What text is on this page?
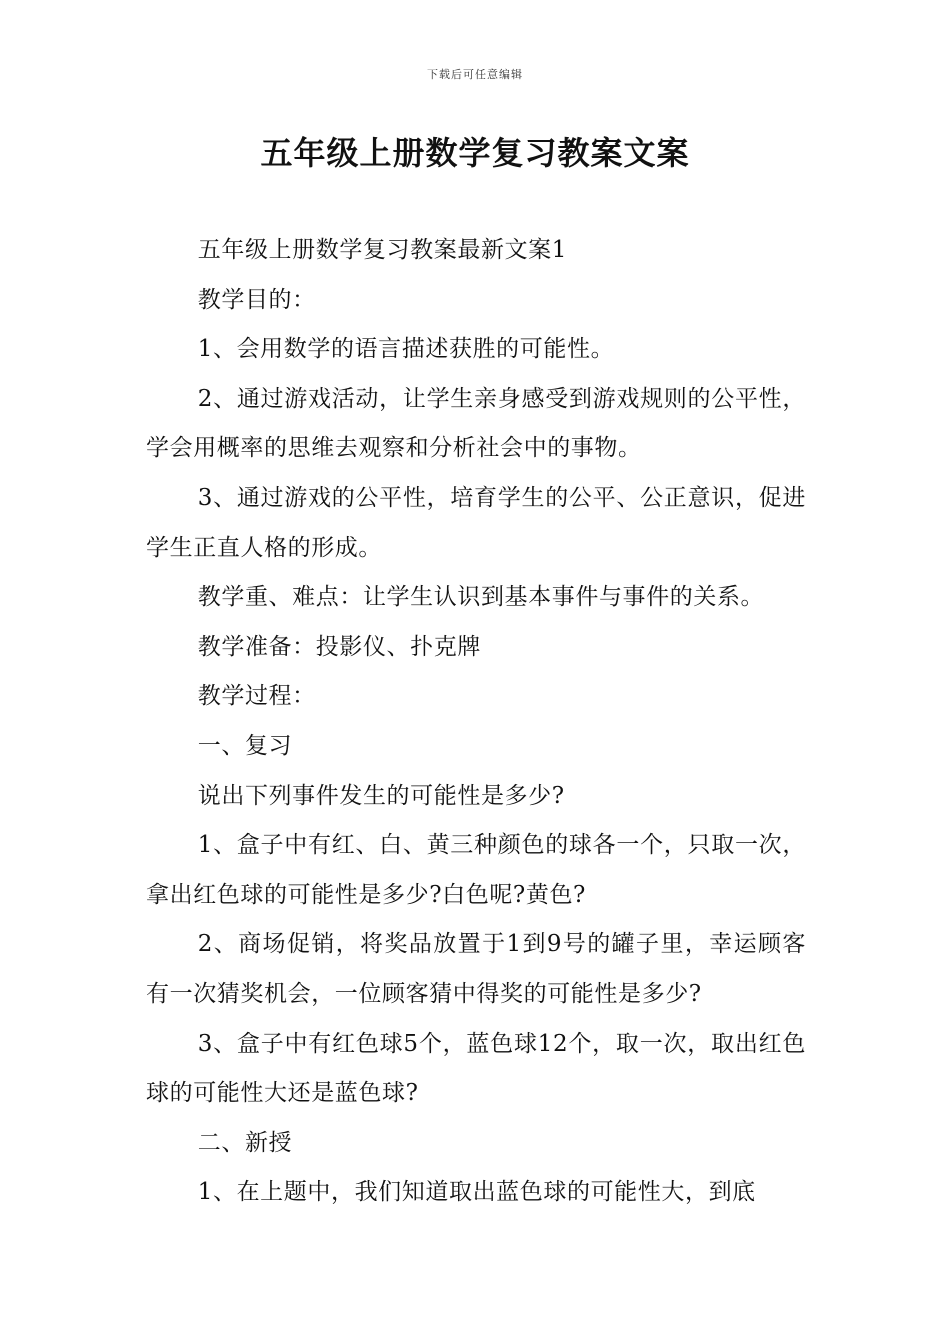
下载后可任意编辑
五年级上册数学复习教案文案

五年级上册数学复习教案最新文案1

教学目的：

1、会用数学的语言描述获胜的可能性。

2、通过游戏活动，让学生亲身感受到游戏规则的公平性，学会用概率的思维去观察和分析社会中的事物。

3、通过游戏的公平性，培育学生的公平、公正意识，促进学生正直人格的形成。

教学重、难点：让学生认识到基本事件与事件的关系。

教学准备：投影仪、扑克牌

教学过程：

一、复习

说出下列事件发生的可能性是多少?

1、盒子中有红、白、黄三种颜色的球各一个，只取一次，拿出红色球的可能性是多少?白色呢?黄色?

2、商场促销，将奖品放置于1到9号的罐子里，幸运顾客有一次猜奖机会，一位顾客猜中得奖的可能性是多少?

3、盒子中有红色球5个，蓝色球12个，取一次，取出红色球的可能性大还是蓝色球?

二、新授

1、在上题中，我们知道取出蓝色球的可能性大，到底
